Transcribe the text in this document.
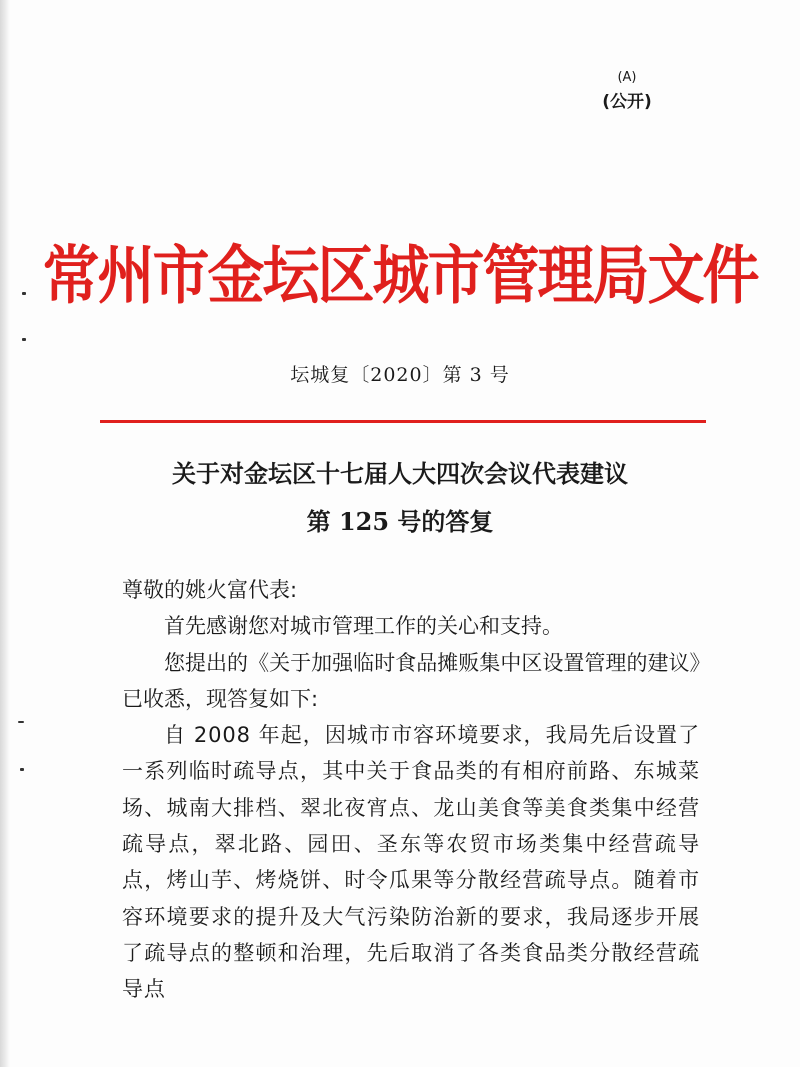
(A)
(公开)
常州市金坛区城市管理局文件
坛城复〔2020〕第 3 号
关于对金坛区十七届人大四次会议代表建议
第 125 号的答复

尊敬的姚火富代表:

首先感谢您对城市管理工作的关心和支持。

您提出的《关于加强临时食品摊贩集中区设置管理的建议》已收悉，现答复如下:

自 2008 年起，因城市市容环境要求，我局先后设置了一系列临时疏导点，其中关于食品类的有相府前路、东城菜场、城南大排档、翠北夜宵点、龙山美食等美食类集中经营疏导点，翠北路、园田、圣东等农贸市场类集中经营疏导点，烤山芋、烤烧饼、时令瓜果等分散经营疏导点。随着市容环境要求的提升及大气污染防治新的要求，我局逐步开展了疏导点的整顿和治理，先后取消了各类食品类分散经营疏导点
